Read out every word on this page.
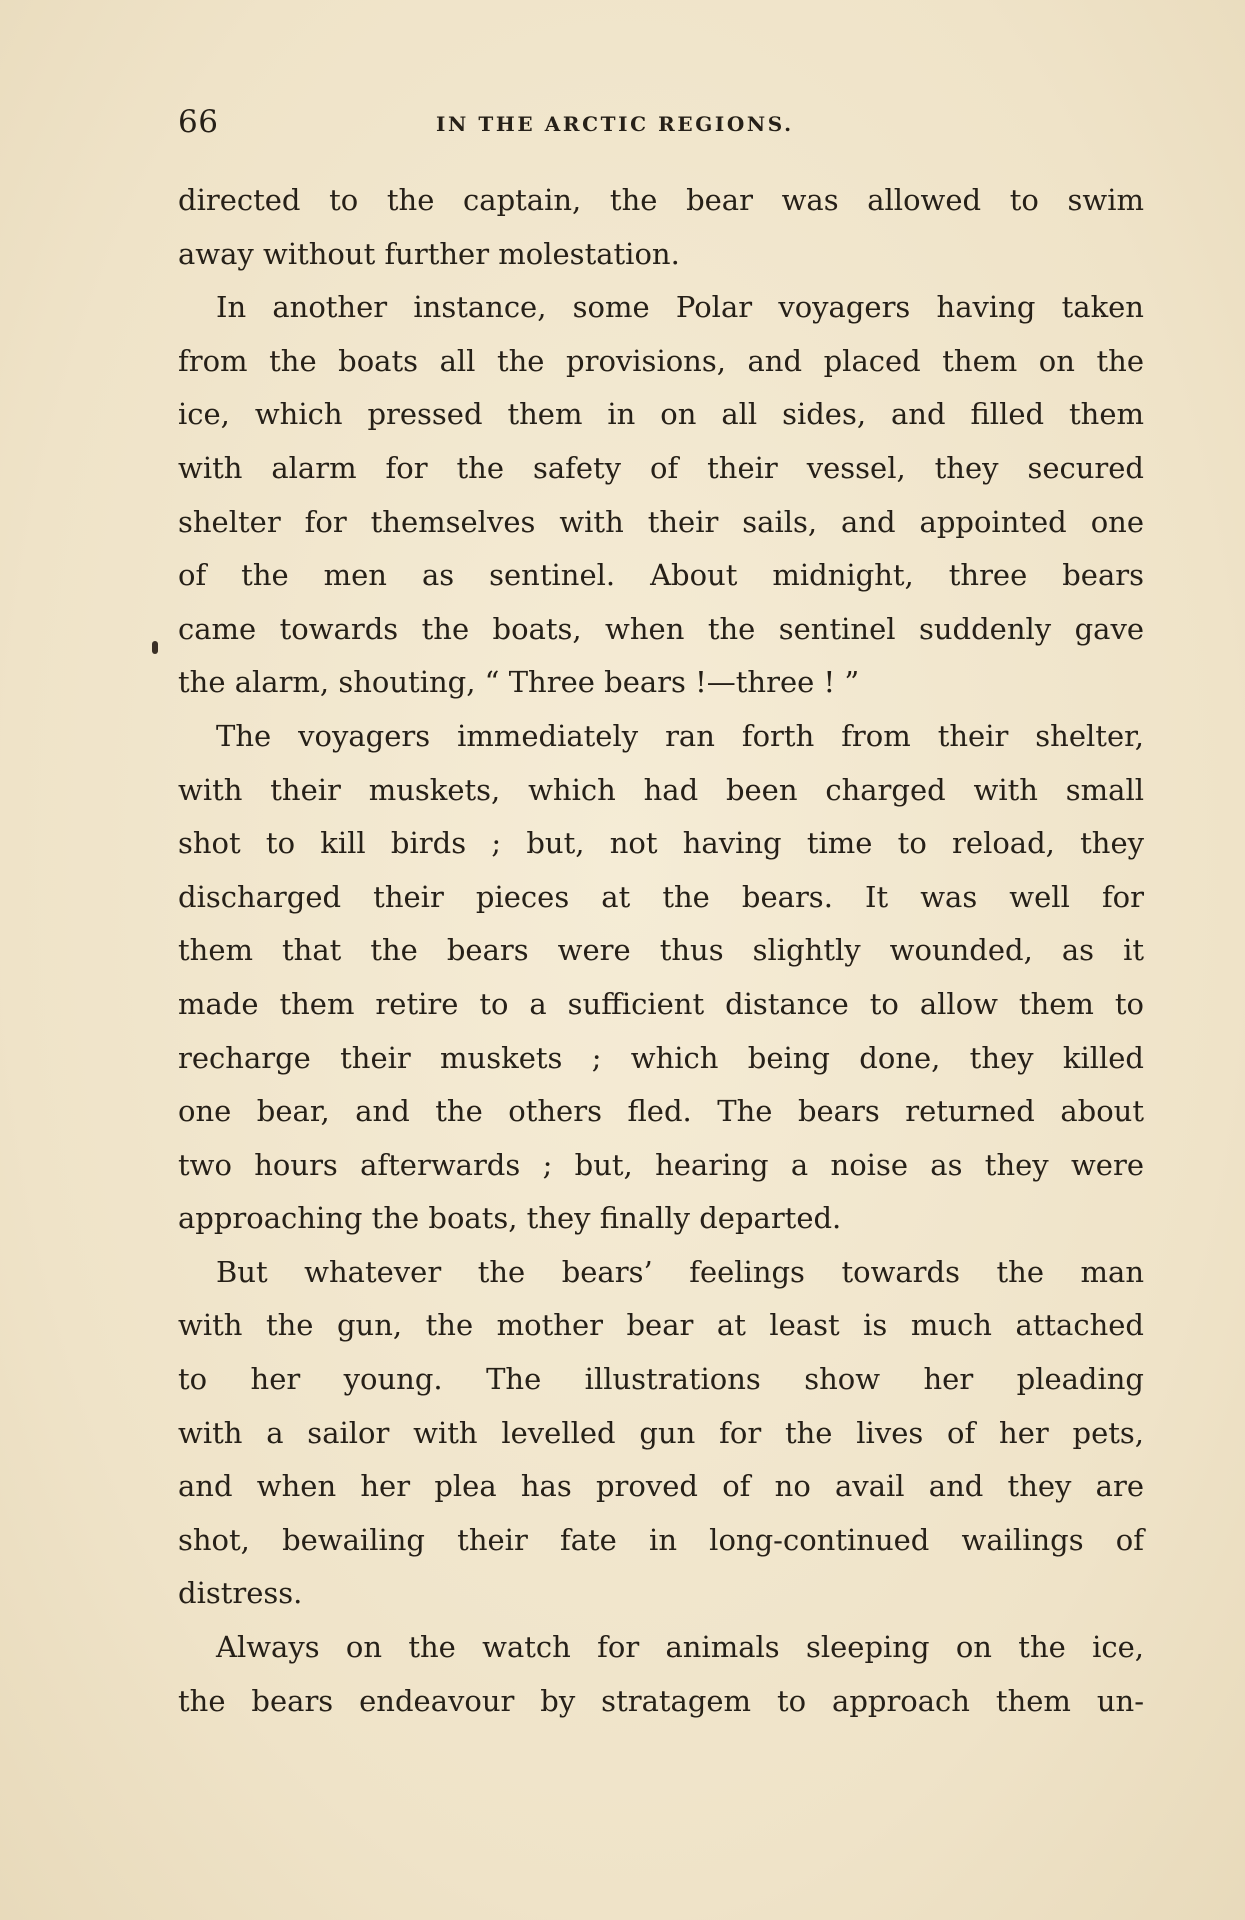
66	IN THE ARCTIC REGIONS.
directed to the captain, the bear was allowed to swim
away without further molestation.
In another instance, some Polar voyagers having taken
from the boats all the provisions, and placed them on the
ice, which pressed them in on all sides, and filled them
with alarm for the safety of their vessel, they secured
shelter for themselves with their sails, and appointed one
of the men as sentinel. About midnight, three bears
came towards the boats, when the sentinel suddenly gave
the alarm, shouting, “ Three bears !—three ! ”
The voyagers immediately ran forth from their shelter,
with their muskets, which had been charged with small
shot to kill birds ; but, not having time to reload, they
discharged their pieces at the bears. It was well for
them that the bears were thus slightly wounded, as it
made them retire to a sufficient distance to allow them to
recharge their muskets ; which being done, they killed
one bear, and the others fled. The bears returned about
two hours afterwards ; but, hearing a noise as they were
approaching the boats, they finally departed.
But whatever the bears’ feelings towards the man
with the gun, the mother bear at least is much attached
to her young. The illustrations show her pleading
with a sailor with levelled gun for the lives of her pets,
and when her plea has proved of no avail and they are
shot, bewailing their fate in long-continued wailings of
distress.
Always on the watch for animals sleeping on the ice,
the bears endeavour by stratagem to approach them un-
